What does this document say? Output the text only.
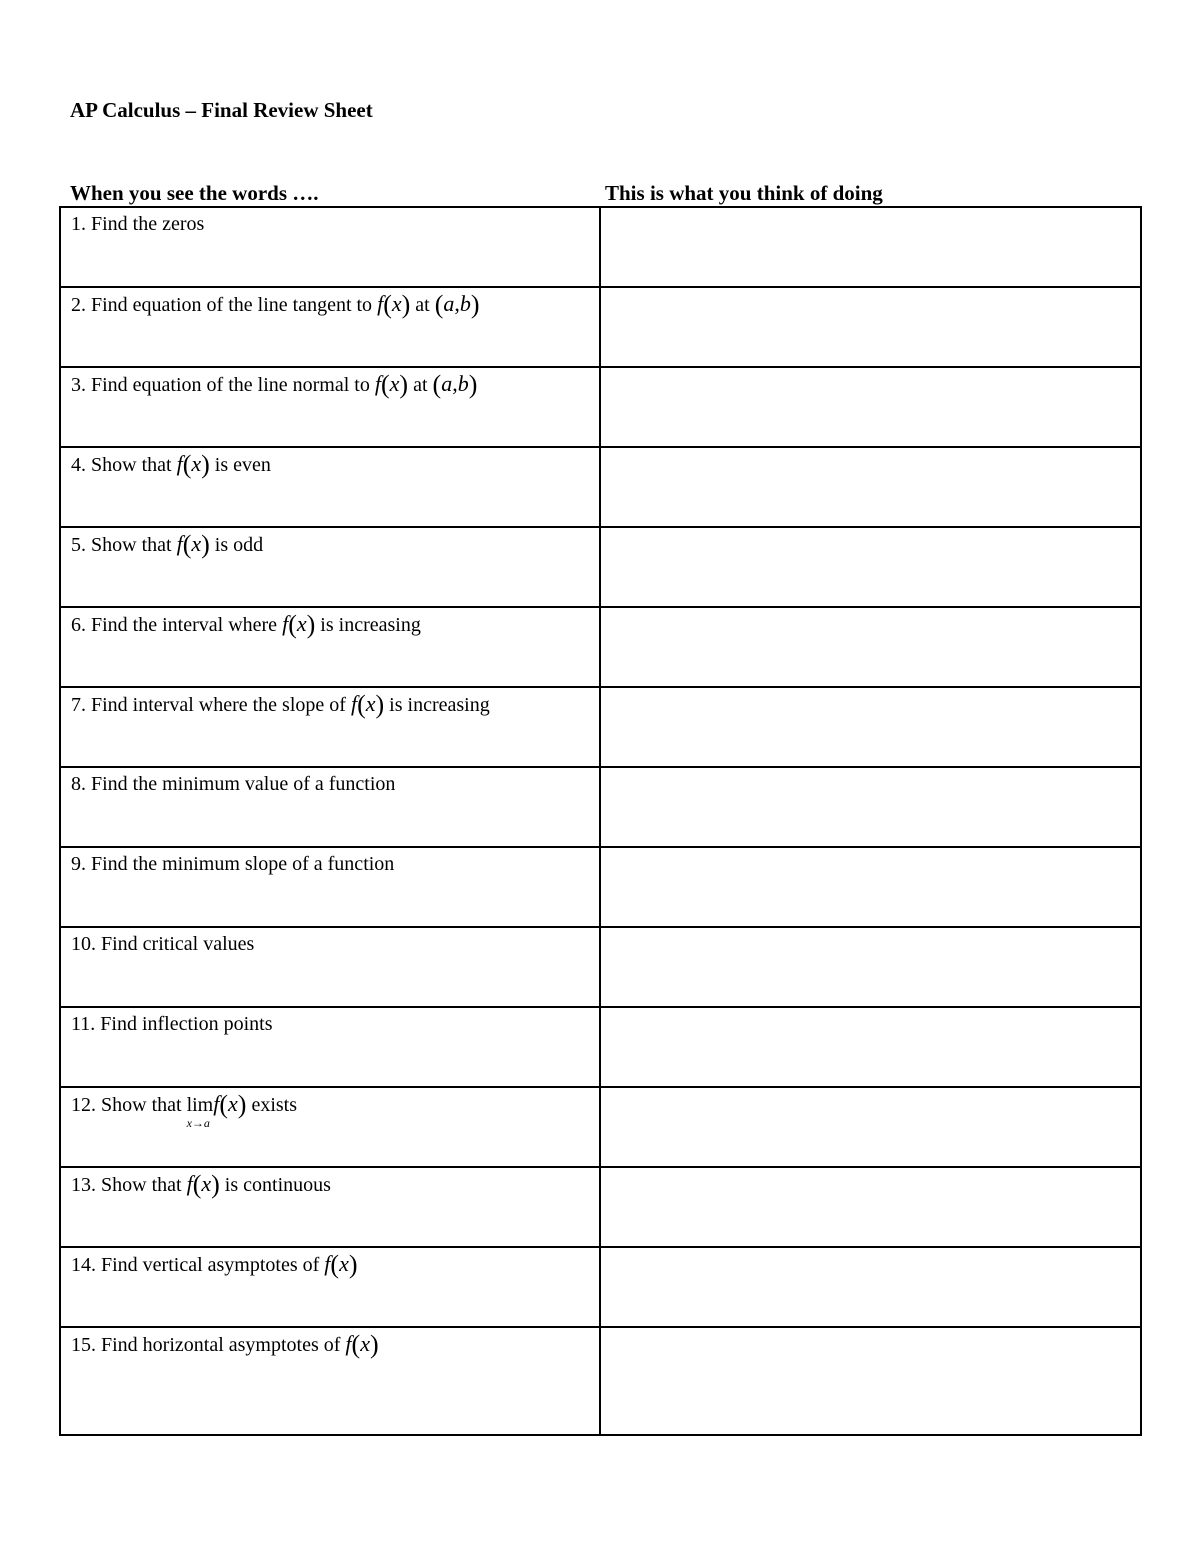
AP Calculus – Final Review Sheet
When you see the words ….	This is what you think of doing
1. Find the zeros	

2. Find equation of the line tangent to f(x) at (a,b)	

3. Find equation of the line normal to f(x) at (a,b)	

4. Show that f(x) is even	

5. Show that f(x) is odd	

6. Find the interval where f(x) is increasing	

7. Find interval where the slope of f(x) is increasing	

8. Find the minimum value of a function	

9. Find the minimum slope of a function	

10. Find critical values	

11. Find inflection points	

12. Show that lim
x→a
f(x) exists	

13. Show that f(x) is continuous	

14. Find vertical asymptotes of f(x)	

15. Find horizontal asymptotes of f(x)	
